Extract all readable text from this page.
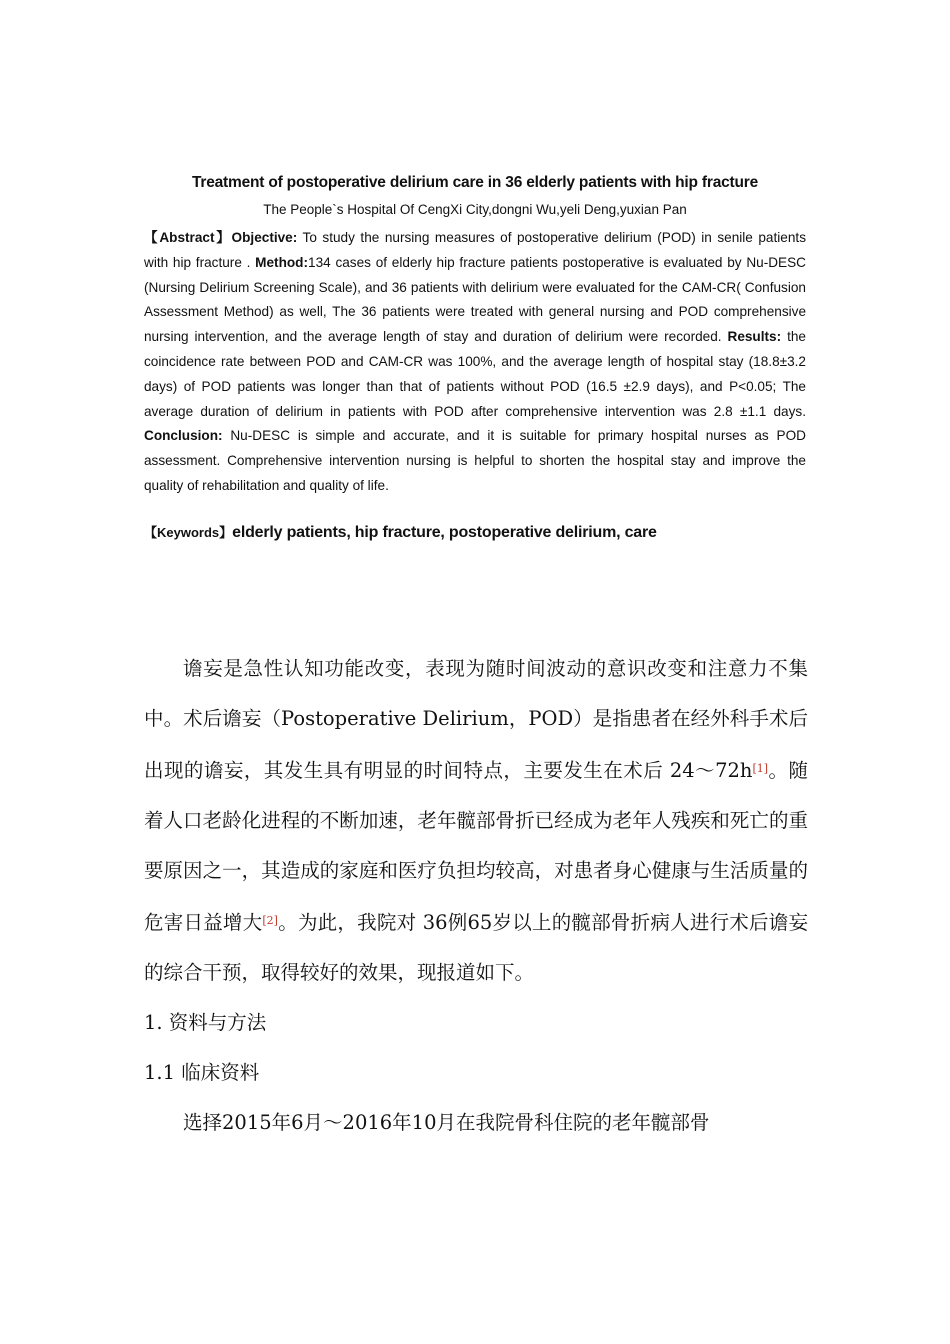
Treatment of postoperative delirium care in 36 elderly patients with hip fracture

The People`s Hospital Of CengXi City,dongni Wu,yeli Deng,yuxian Pan

【Abstract】Objective: To study the nursing measures of postoperative delirium (POD) in senile patients with hip fracture . Method:134 cases of elderly hip fracture patients postoperative is evaluated by Nu-DESC (Nursing Delirium Screening Scale), and 36 patients with delirium were evaluated for the CAM-CR( Confusion Assessment Method) as well, The 36 patients were treated with general nursing and POD comprehensive nursing intervention, and the average length of stay and duration of delirium were recorded. Results: the coincidence rate between POD and CAM-CR was 100%, and the average length of hospital stay (18.8±3.2 days) of POD patients was longer than that of patients without POD (16.5 ±2.9 days), and P<0.05; The average duration of delirium in patients with POD after comprehensive intervention was 2.8 ±1.1 days. Conclusion: Nu-DESC is simple and accurate, and it is suitable for primary hospital nurses as POD assessment. Comprehensive intervention nursing is helpful to shorten the hospital stay and improve the quality of rehabilitation and quality of life.

【Keywords】elderly patients, hip fracture, postoperative delirium, care

谵妄是急性认知功能改变，表现为随时间波动的意识改变和注意力不集中。术后谵妄（Postoperative Delirium，POD）是指患者在经外科手术后出现的谵妄，其发生具有明显的时间特点，主要发生在术后 24～72h[1]。随着人口老龄化进程的不断加速，老年髋部骨折已经成为老年人残疾和死亡的重要原因之一，其造成的家庭和医疗负担均较高，对患者身心健康与生活质量的危害日益增大[2]。为此，我院对 36例65岁以上的髋部骨折病人进行术后谵妄的综合干预，取得较好的效果，现报道如下。

1. 资料与方法

1.1 临床资料

选择2015年6月～2016年10月在我院骨科住院的老年髋部骨
